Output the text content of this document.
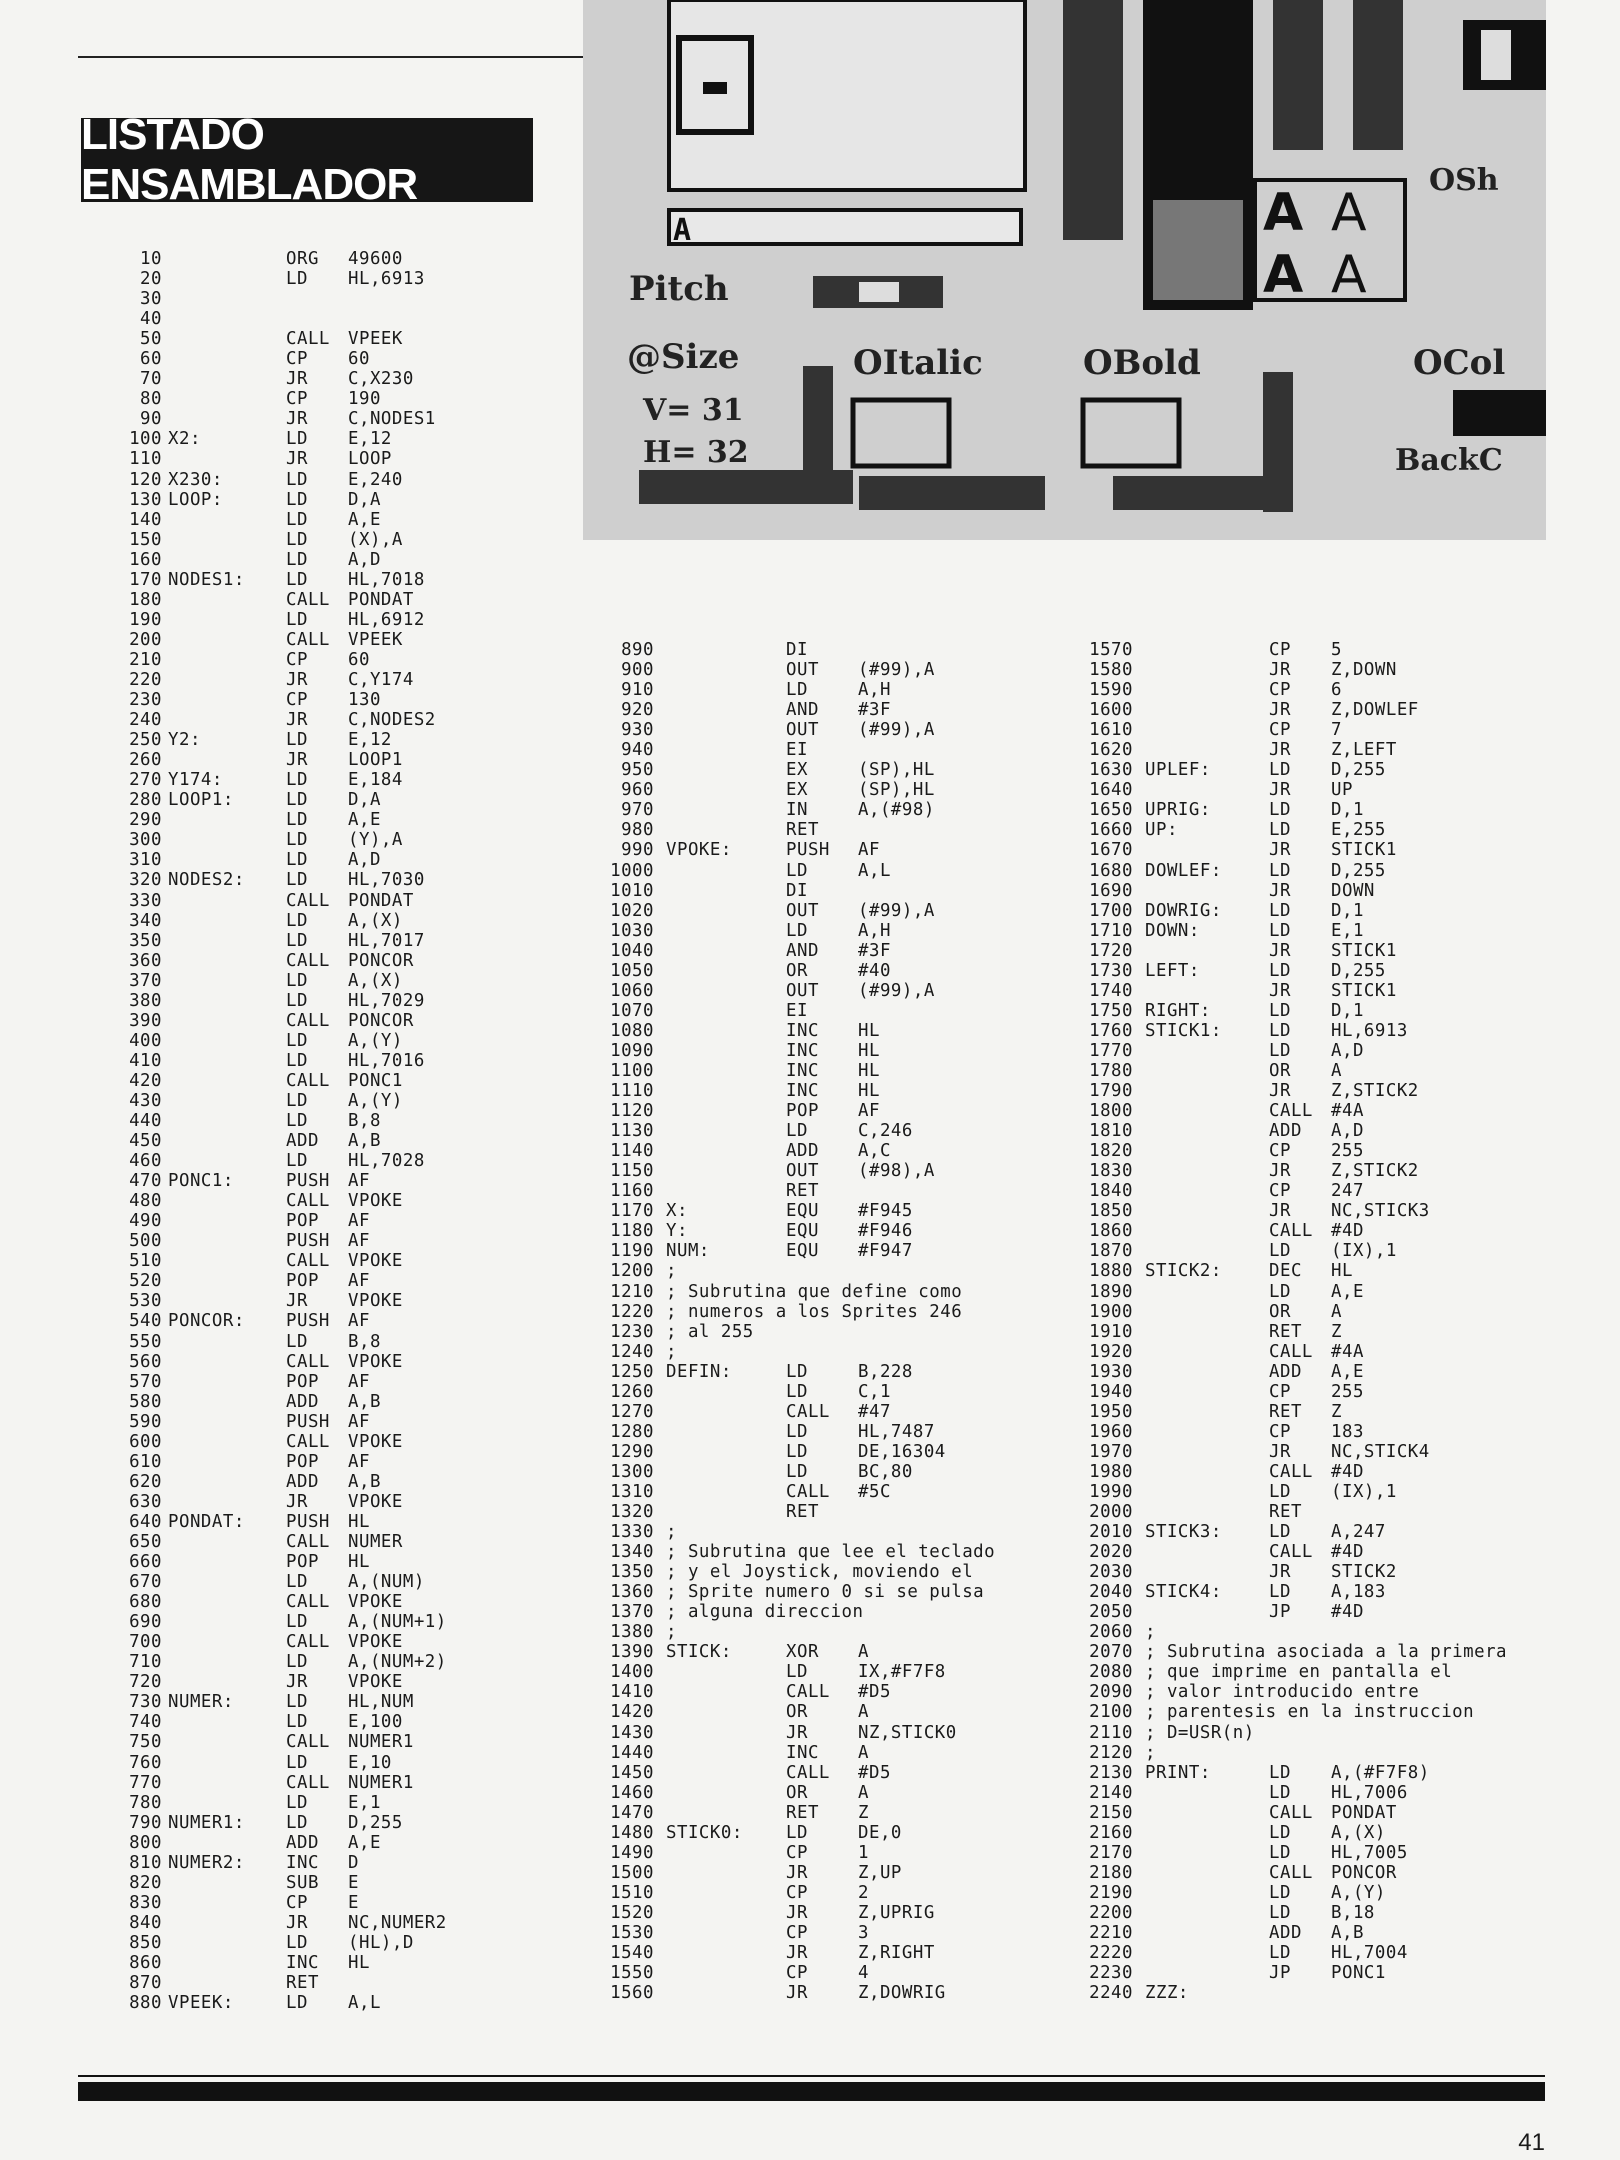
LISTADO ENSAMBLADOR
A
Pitch
@Size	OItalic	OBold	OCol
V= 31
H= 32	BackC
A A
A A
OSh
10	ORG 49600
20	LD HL,6913
30
40
50	CALL VPEEK
60	CP 60
70	JR C,X230
80	CP 190
90	JR C,NODES1
100 X2:	LD E,12
110	JR LOOP
120 X230:	LD E,240
130 LOOP:	LD D,A
140	LD A,E
150	LD (X),A
160	LD A,D
170 NODES1: LD HL,7018
180	CALL PONDAT
190	LD HL,6912
200	CALL VPEEK
210	CP 60
220	JR C,Y174
230	CP 130
240	JR C,NODES2
250 Y2:	LD E,12
260	JR LOOP1
270 Y174:	LD E,184
280 LOOP1:	LD D,A
290	LD A,E
300	LD (Y),A
310	LD A,D
320 NODES2: LD HL,7030
330	CALL PONDAT
340	LD A,(X)
350	LD HL,7017
360	CALL PONCOR
370	LD A,(X)
380	LD HL,7029
390	CALL PONCOR
400	LD A,(Y)
410	LD HL,7016
420	CALL PONC1
430	LD A,(Y)
440	LD B,8
450	ADD A,B
460	LD HL,7028
470 PONC1:	PUSH AF
480	CALL VPOKE
490	POP AF
500	PUSH AF
510	CALL VPOKE
520	POP AF
530	JR VPOKE
540 PONCOR: PUSH AF
550	LD B,8
560	CALL VPOKE
570	POP AF
580	ADD A,B
590	PUSH AF
600	CALL VPOKE
610	POP AF
620	ADD A,B
630	JR VPOKE
640 PONDAT: PUSH HL
650	CALL NUMER
660	POP HL
670	LD A,(NUM)
680	CALL VPOKE
690	LD A,(NUM+1)
700	CALL VPOKE
710	LD A,(NUM+2)
720	JR VPOKE
730 NUMER:	LD HL,NUM
740	LD E,100
750	CALL NUMER1
760	LD E,10
770	CALL NUMER1
780	LD E,1
790 NUMER1: LD D,255
800	ADD A,E
810 NUMER2: INC D
820	SUB E
830	CP E
840	JR NC,NUMER2
850	LD (HL),D
860	INC HL
870	RET
880 VPEEK:	LD A,L
890	DI
900	OUT (#99),A
910	LD	A,H
920	AND #3F
930	OUT (#99),A
940	EI
950	EX	(SP),HL
960	EX	(SP),HL
970	IN	A,(#98)
980	RET
990 VPOKE:	PUSH AF
1000	LD	A,L
1010	DI
1020	OUT (#99),A
1030	LD	A,H
1040	AND #3F
1050	OR	#40
1060	OUT (#99),A
1070	EI
1080	INC HL
1090	INC HL
1100	INC HL
1110	INC HL
1120	POP AF
1130	LD	C,246
1140	ADD A,C
1150	OUT (#98),A
1160	RET
1170 X:	EQU #F945
1180 Y:	EQU #F946
1190 NUM:	EQU #F947
1200 ;
1210 ; Subrutina que define como
1220 ; numeros a los Sprites 246
1230 ; al 255
1240 ;
1250 DEFIN:	LD	B,228
1260	LD	C,1
1270	CALL #47
1280	LD	HL,7487
1290	LD	DE,16304
1300	LD	BC,80
1310	CALL #5C
1320	RET
1330 ;
1340 ; Subrutina que lee el teclado
1350 ; y el Joystick, moviendo el
1360 ; Sprite numero 0 si se pulsa
1370 ; alguna direccion
1380 ;
1390 STICK:	XOR A
1400	LD	IX,#F7F8
1410	CALL #D5
1420	OR	A
1430	JR	NZ,STICK0
1440	INC A
1450	CALL #D5
1460	OR	A
1470	RET Z
1480 STICK0: LD	DE,0
1490	CP	1
1500	JR	Z,UP
1510	CP	2
1520	JR	Z,UPRIG
1530	CP	3
1540	JR	Z,RIGHT
1550	CP	4
1560	JR	Z,DOWRIG
1570	CP 5
1580	JR Z,DOWN
1590	CP 6
1600	JR Z,DOWLEF
1610	CP 7
1620	JR Z,LEFT
1630 UPLEF:	LD D,255
1640	JR UP
1650 UPRIG:	LD D,1
1660 UP:	LD E,255
1670	JR STICK1
1680 DOWLEF:	LD D,255
1690	JR DOWN
1700 DOWRIG:	LD D,1
1710 DOWN:	LD E,1
1720	JR STICK1
1730 LEFT:	LD D,255
1740	JR STICK1
1750 RIGHT:	LD D,1
1760 STICK1:	LD HL,6913
1770	LD A,D
1780	OR A
1790	JR Z,STICK2
1800	CALL #4A
1810	ADD A,D
1820	CP 255
1830	JR Z,STICK2
1840	CP 247
1850	JR NC,STICK3
1860	CALL #4D
1870	LD (IX),1
1880 STICK2:	DEC HL
1890	LD A,E
1900	OR A
1910	RET Z
1920	CALL #4A
1930	ADD A,E
1940	CP 255
1950	RET Z
1960	CP 183
1970	JR NC,STICK4
1980	CALL #4D
1990	LD (IX),1
2000	RET
2010 STICK3:	LD A,247
2020	CALL #4D
2030	JR STICK2
2040 STICK4:	LD A,183
2050	JP #4D
2060 ;
2070 ; Subrutina asociada a la primera
2080 ; que imprime en pantalla el
2090 ; valor introducido entre
2100 ; parentesis en la instruccion
2110 ; D=USR(n)
2120 ;
2130 PRINT:	LD A,(#F7F8)
2140	LD HL,7006
2150	CALL PONDAT
2160	LD A,(X)
2170	LD HL,7005
2180	CALL PONCOR
2190	LD A,(Y)
2200	LD B,18
2210	ADD A,B
2220	LD HL,7004
2230	JP PONC1
2240 ZZZ:
41
